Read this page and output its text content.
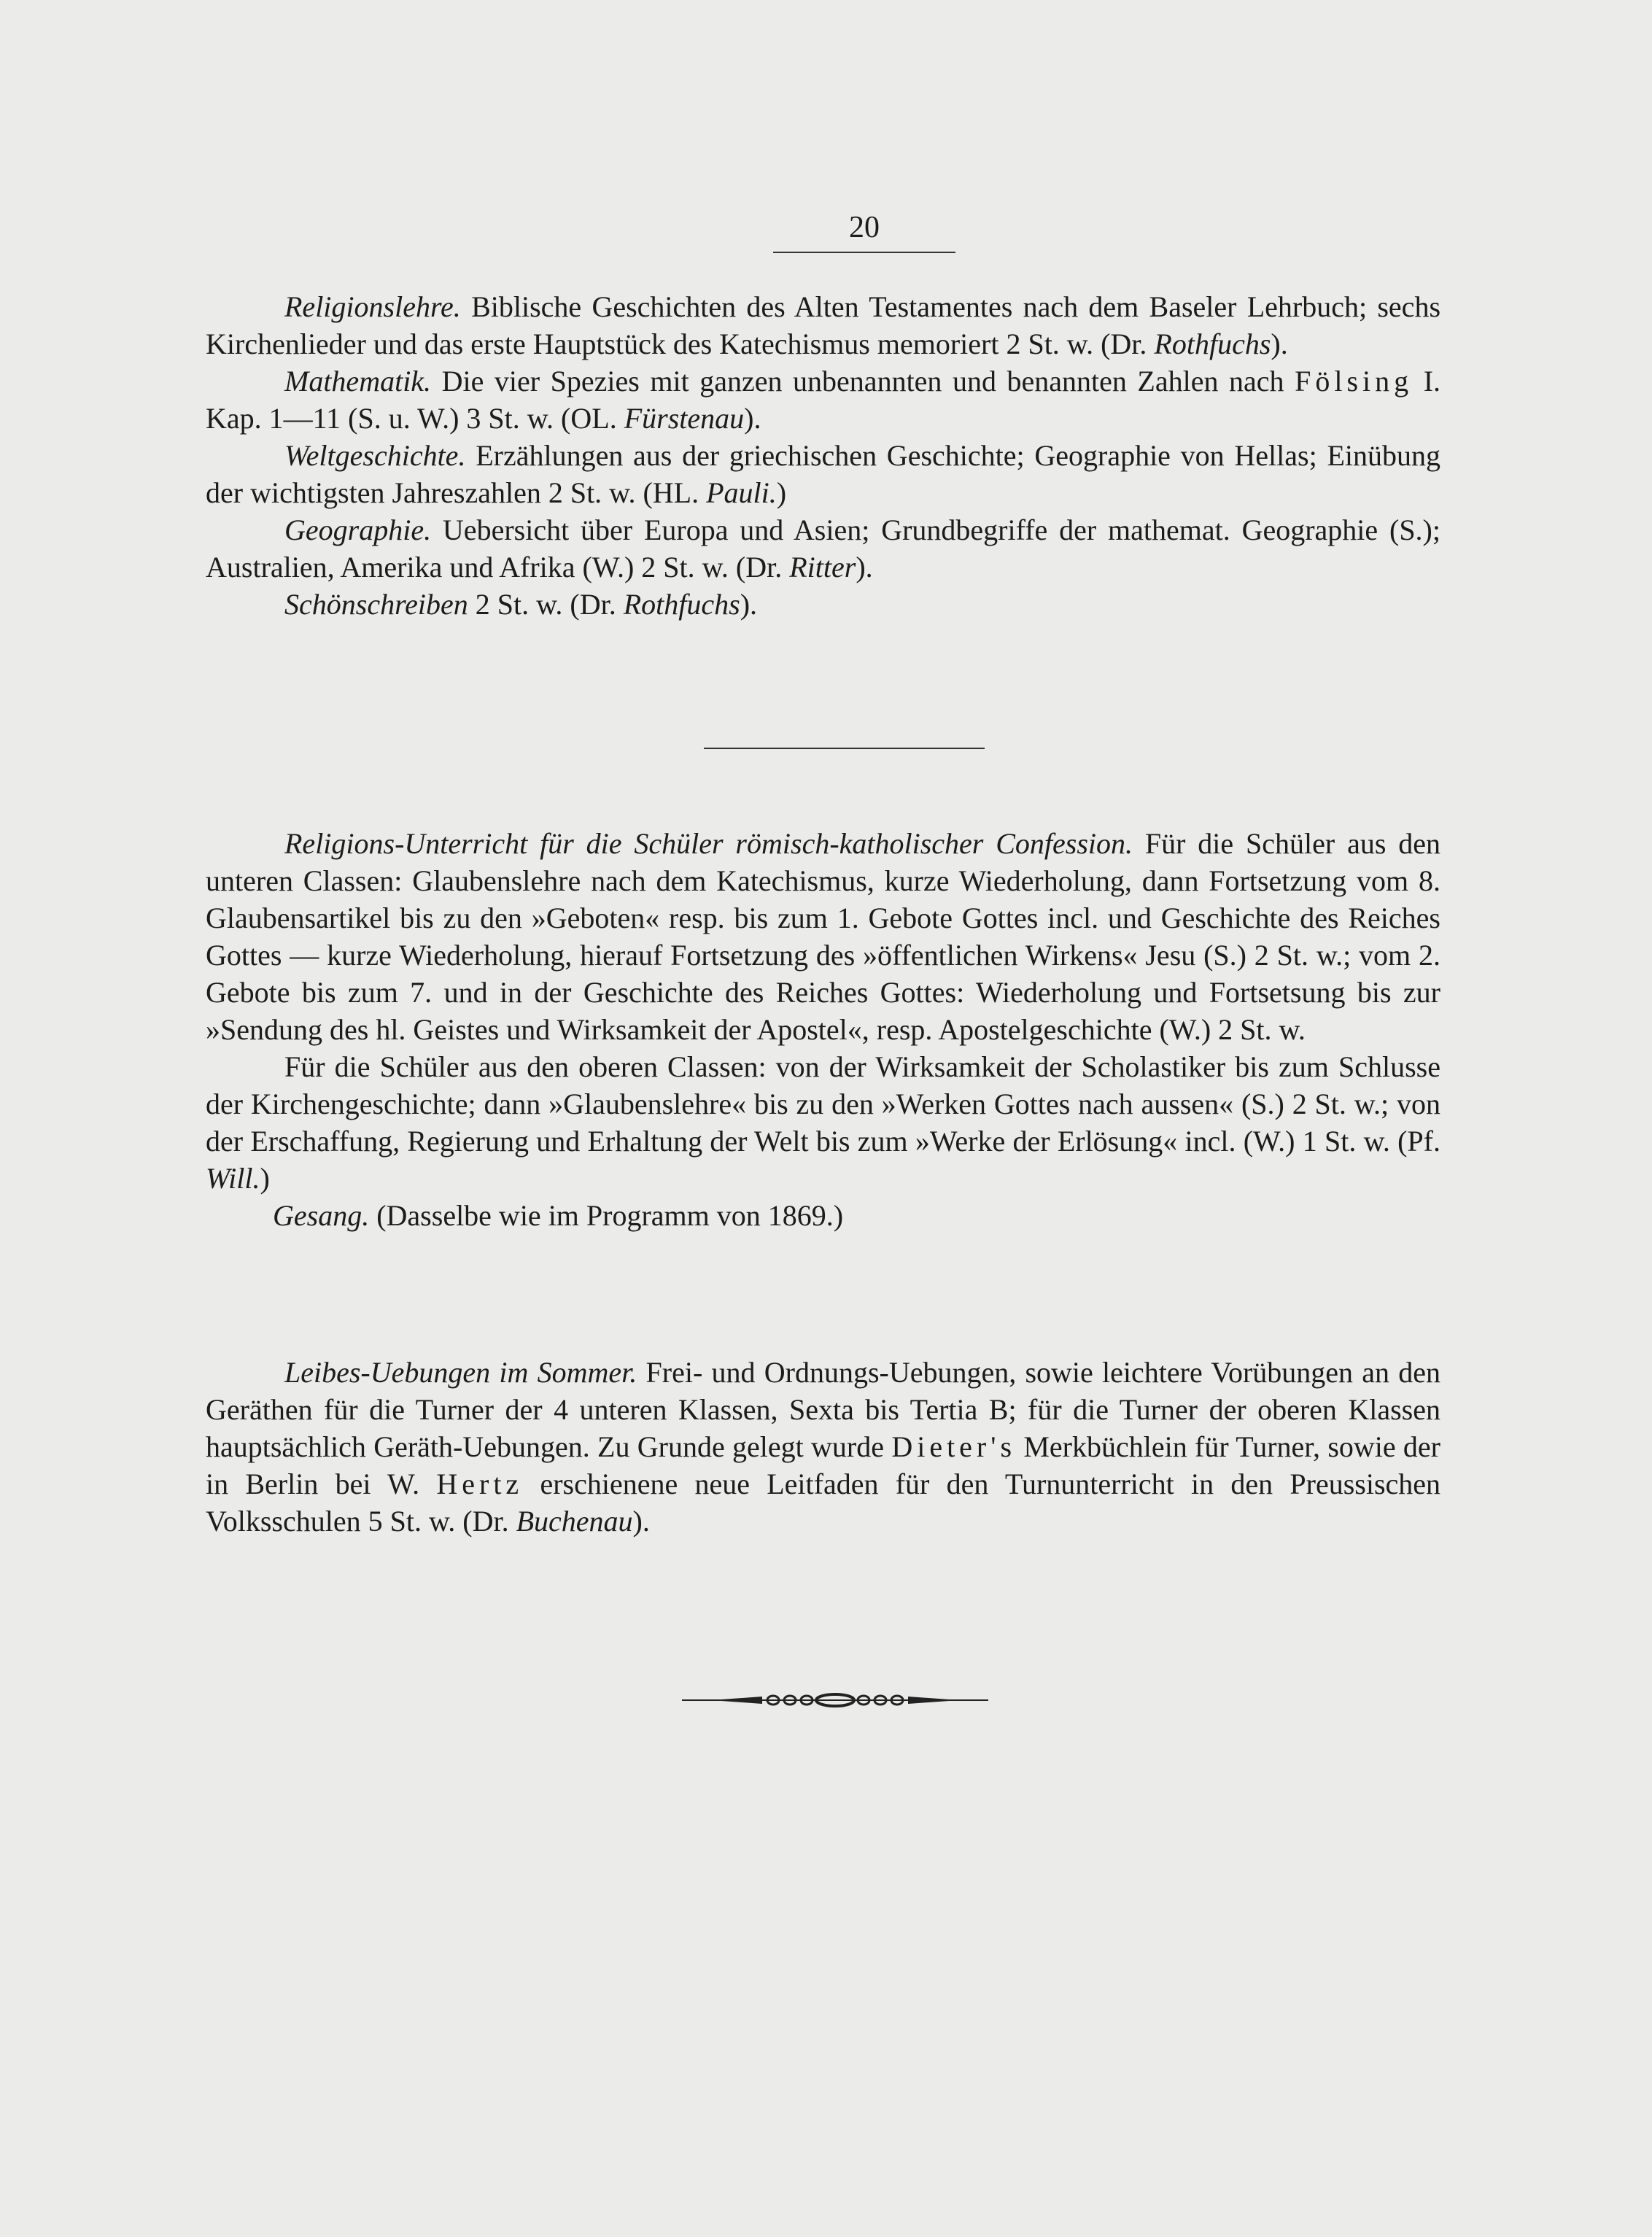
20

Religionslehre. Biblische Geschichten des Alten Testamentes nach dem Baseler Lehrbuch; sechs Kirchenlieder und das erste Hauptstück des Katechismus memoriert 2 St. w. (Dr. Rothfuchs).

Mathematik. Die vier Spezies mit ganzen unbenannten und benannten Zahlen nach Fölsing I. Kap. 1—11 (S. u. W.) 3 St. w. (OL. Fürstenau).

Weltgeschichte. Erzählungen aus der griechischen Geschichte; Geographie von Hellas; Einübung der wichtigsten Jahreszahlen 2 St. w. (HL. Pauli.)

Geographie. Uebersicht über Europa und Asien; Grundbegriffe der mathemat. Geographie (S.); Australien, Amerika und Afrika (W.) 2 St. w. (Dr. Ritter).

Schönschreiben 2 St. w. (Dr. Rothfuchs).

Religions-Unterricht für die Schüler römisch-katholischer Confession. Für die Schüler aus den unteren Classen: Glaubenslehre nach dem Katechismus, kurze Wiederholung, dann Fortsetzung vom 8. Glaubensartikel bis zu den »Geboten« resp. bis zum 1. Gebote Gottes incl. und Geschichte des Reiches Gottes — kurze Wiederholung, hierauf Fortsetzung des »öffentlichen Wirkens« Jesu (S.) 2 St. w.; vom 2. Gebote bis zum 7. und in der Geschichte des Reiches Gottes: Wiederholung und Fortsetsung bis zur »Sendung des hl. Geistes und Wirksamkeit der Apostel«, resp. Apostelgeschichte (W.) 2 St. w.

Für die Schüler aus den oberen Classen: von der Wirksamkeit der Scholastiker bis zum Schlusse der Kirchengeschichte; dann »Glaubenslehre« bis zu den »Werken Gottes nach aussen« (S.) 2 St. w.; von der Erschaffung, Regierung und Erhaltung der Welt bis zum »Werke der Erlösung« incl. (W.) 1 St. w. (Pf. Will.)

Gesang. (Dasselbe wie im Programm von 1869.)

Leibes-Uebungen im Sommer. Frei- und Ordnungs-Uebungen, sowie leichtere Vorübungen an den Geräthen für die Turner der 4 unteren Klassen, Sexta bis Tertia B; für die Turner der oberen Klassen hauptsächlich Geräth-Uebungen. Zu Grunde gelegt wurde Dieter's Merkbüchlein für Turner, sowie der in Berlin bei W. Hertz erschienene neue Leitfaden für den Turnunterricht in den Preussischen Volksschulen 5 St. w. (Dr. Buchenau).
